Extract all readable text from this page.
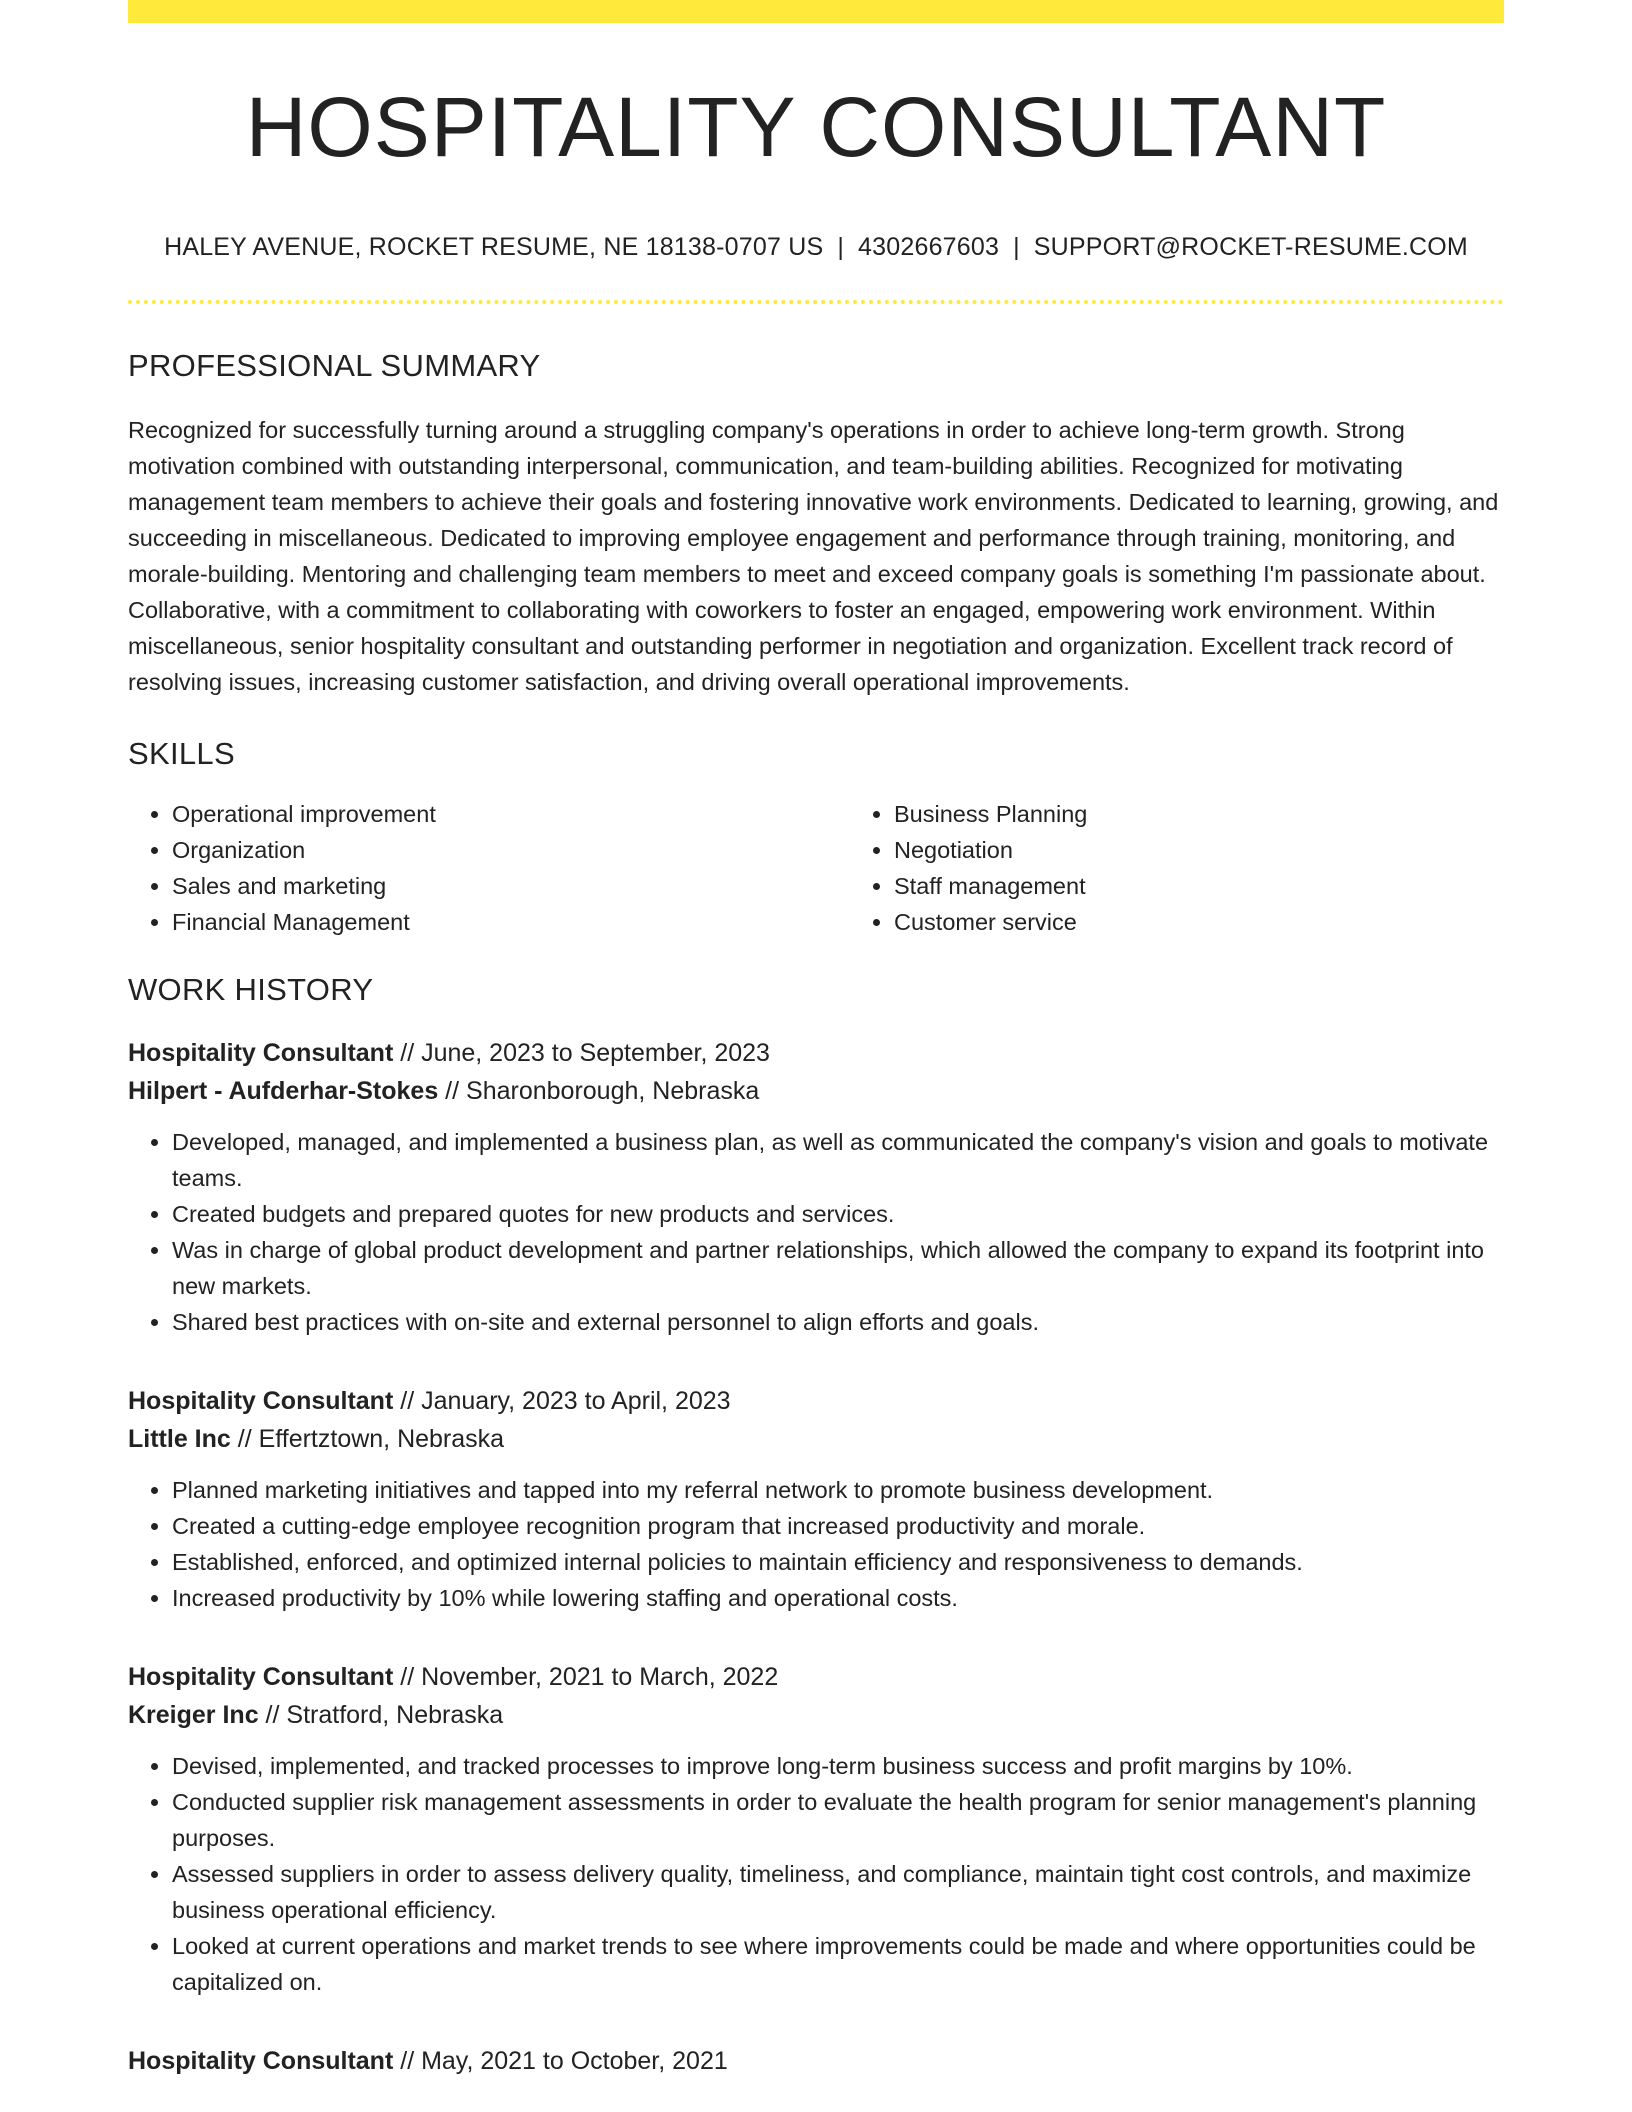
HOSPITALITY CONSULTANT
HALEY AVENUE, ROCKET RESUME, NE 18138-0707 US | 4302667603 | SUPPORT@ROCKET-RESUME.COM
PROFESSIONAL SUMMARY
Recognized for successfully turning around a struggling company's operations in order to achieve long-term growth. Strong motivation combined with outstanding interpersonal, communication, and team-building abilities. Recognized for motivating management team members to achieve their goals and fostering innovative work environments. Dedicated to learning, growing, and succeeding in miscellaneous. Dedicated to improving employee engagement and performance through training, monitoring, and morale-building. Mentoring and challenging team members to meet and exceed company goals is something I'm passionate about. Collaborative, with a commitment to collaborating with coworkers to foster an engaged, empowering work environment. Within miscellaneous, senior hospitality consultant and outstanding performer in negotiation and organization. Excellent track record of resolving issues, increasing customer satisfaction, and driving overall operational improvements.
SKILLS
• Operational improvement
• Organization
• Sales and marketing
• Financial Management
• Business Planning
• Negotiation
• Staff management
• Customer service
WORK HISTORY
Hospitality Consultant // June, 2023 to September, 2023
Hilpert - Aufderhar-Stokes // Sharonborough, Nebraska
• Developed, managed, and implemented a business plan, as well as communicated the company's vision and goals to motivate teams.
• Created budgets and prepared quotes for new products and services.
• Was in charge of global product development and partner relationships, which allowed the company to expand its footprint into new markets.
• Shared best practices with on-site and external personnel to align efforts and goals.
Hospitality Consultant // January, 2023 to April, 2023
Little Inc // Effertztown, Nebraska
• Planned marketing initiatives and tapped into my referral network to promote business development.
• Created a cutting-edge employee recognition program that increased productivity and morale.
• Established, enforced, and optimized internal policies to maintain efficiency and responsiveness to demands.
• Increased productivity by 10% while lowering staffing and operational costs.
Hospitality Consultant // November, 2021 to March, 2022
Kreiger Inc // Stratford, Nebraska
• Devised, implemented, and tracked processes to improve long-term business success and profit margins by 10%.
• Conducted supplier risk management assessments in order to evaluate the health program for senior management's planning purposes.
• Assessed suppliers in order to assess delivery quality, timeliness, and compliance, maintain tight cost controls, and maximize business operational efficiency.
• Looked at current operations and market trends to see where improvements could be made and where opportunities could be capitalized on.
Hospitality Consultant // May, 2021 to October, 2021
